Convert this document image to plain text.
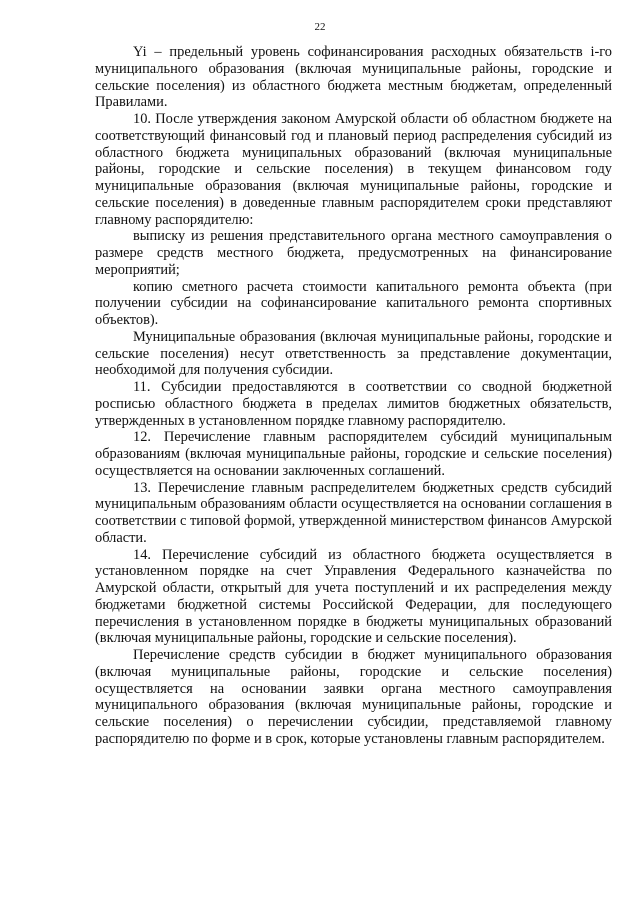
22

Yi – предельный уровень софинансирования расходных обязательств i-го муниципального образования (включая муниципальные районы, городские и сельские поселения) из областного бюджета местным бюджетам, определенный Правилами.

10. После утверждения законом Амурской области об областном бюджете на соответствующий финансовый год и плановый период распределения субсидий из областного бюджета муниципальных образований (включая муниципальные районы, городские и сельские поселения) в текущем финансовом году муниципальные образования (включая муниципальные районы, городские и сельские поселения) в доведенные главным распорядителем сроки представляют главному распорядителю:

выписку из решения представительного органа местного самоуправления о размере средств местного бюджета, предусмотренных на финансирование мероприятий;

копию сметного расчета стоимости капитального ремонта объекта (при получении субсидии на софинансирование капитального ремонта спортивных объектов).

Муниципальные образования (включая муниципальные районы, городские и сельские поселения) несут ответственность за представление документации, необходимой для получения субсидии.

11. Субсидии предоставляются в соответствии со сводной бюджетной росписью областного бюджета в пределах лимитов бюджетных обязательств, утвержденных в установленном порядке главному распорядителю.

12. Перечисление главным распорядителем субсидий муниципальным образованиям (включая муниципальные районы, городские и сельские поселения) осуществляется на основании заключенных соглашений.

13. Перечисление главным распределителем бюджетных средств субсидий муниципальным образованиям области осуществляется на основании соглашения в соответствии с типовой формой, утвержденной министерством финансов Амурской области.

14. Перечисление субсидий из областного бюджета осуществляется в установленном порядке на счет Управления Федерального казначейства по Амурской области, открытый для учета поступлений и их распределения между бюджетами бюджетной системы Российской Федерации, для последующего перечисления в установленном порядке в бюджеты муниципальных образований (включая муниципальные районы, городские и сельские поселения).

Перечисление средств субсидии в бюджет муниципального образования (включая муниципальные районы, городские и сельские поселения) осуществляется на основании заявки органа местного самоуправления муниципального образования (включая муниципальные районы, городские и сельские поселения) о перечислении субсидии, представляемой главному распорядителю по форме и в срок, которые установлены главным распорядителем.
